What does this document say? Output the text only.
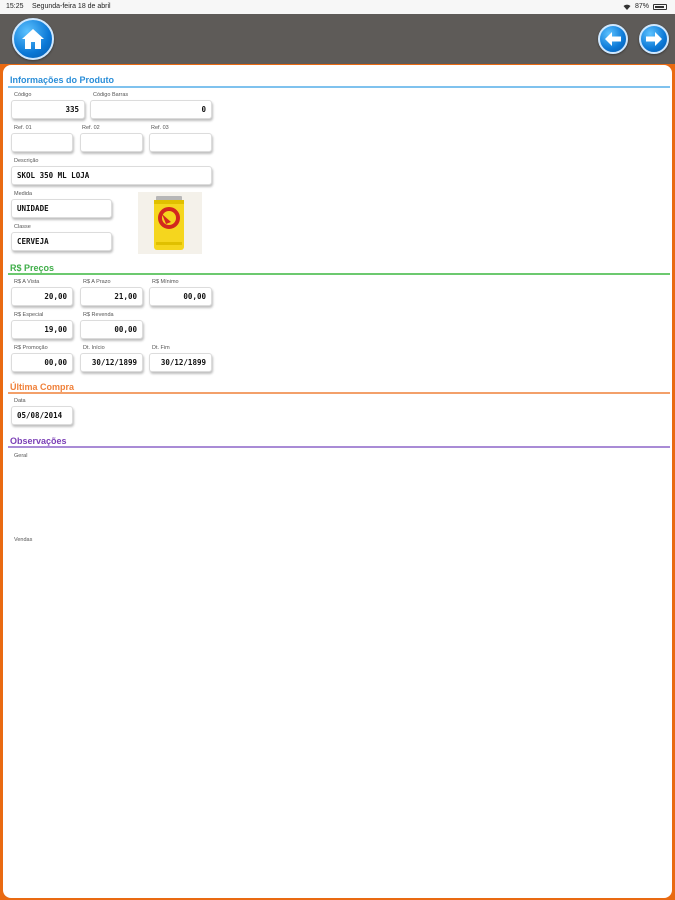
15:25 Segunda-feira 18 de abril	87%
Informações do Produto
Código
335
Código Barras
0
Ref. 01	Ref. 02	Ref. 03
Descrição
SKOL 350 ML LOJA
Medida
UNIDADE
Classe
CERVEJA
R$ Preços
R$ A Vista
20,00
R$ A Prazo
21,00
R$ Mínimo
00,00
R$ Especial
19,00
R$ Revenda
00,00
R$ Promoção
00,00
Dt. Início
30/12/1899
Dt. Fim
30/12/1899
Última Compra
Data
05/08/2014
Observações
Geral
Vendas
